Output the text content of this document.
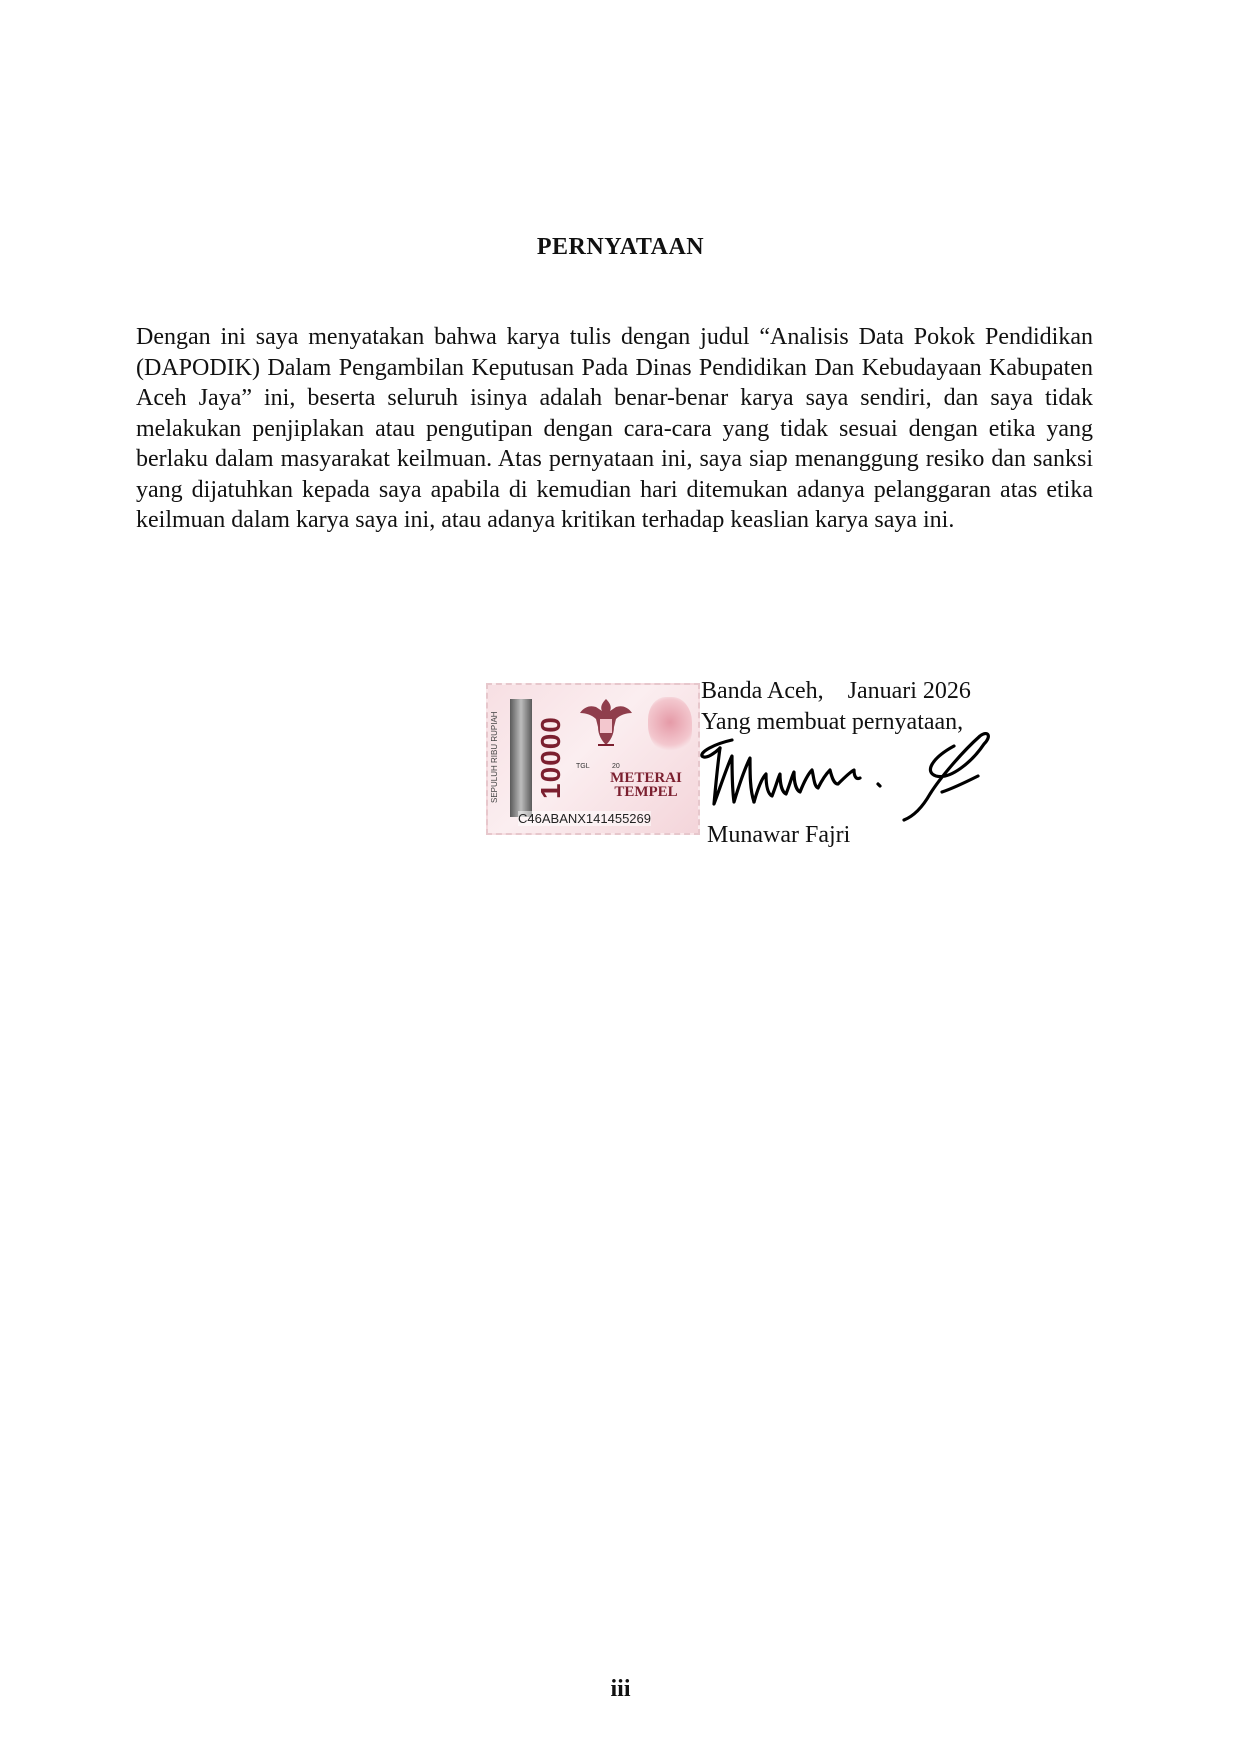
PERNYATAAN

Dengan ini saya menyatakan bahwa karya tulis dengan judul “Analisis Data Pokok Pendidikan (DAPODIK) Dalam Pengambilan Keputusan Pada Dinas Pendidikan Dan Kebudayaan Kabupaten Aceh Jaya” ini, beserta seluruh isinya adalah benar-benar karya saya sendiri, dan saya tidak melakukan penjiplakan atau pengutipan dengan cara-cara yang tidak sesuai dengan etika yang berlaku dalam masyarakat keilmuan. Atas pernyataan ini, saya siap menanggung resiko dan sanksi yang dijatuhkan kepada saya apabila di kemudian hari ditemukan adanya pelanggaran atas etika keilmuan dalam karya saya ini, atau adanya kritikan terhadap keaslian karya saya ini.

SEPULUH RIBU RUPIAH	10000	TGL	20
METERAI TEMPEL
C46ABANX141455269
Banda Aceh,    Januari 2026
Yang membuat pernyataan,
Munawar Fajri
iii
